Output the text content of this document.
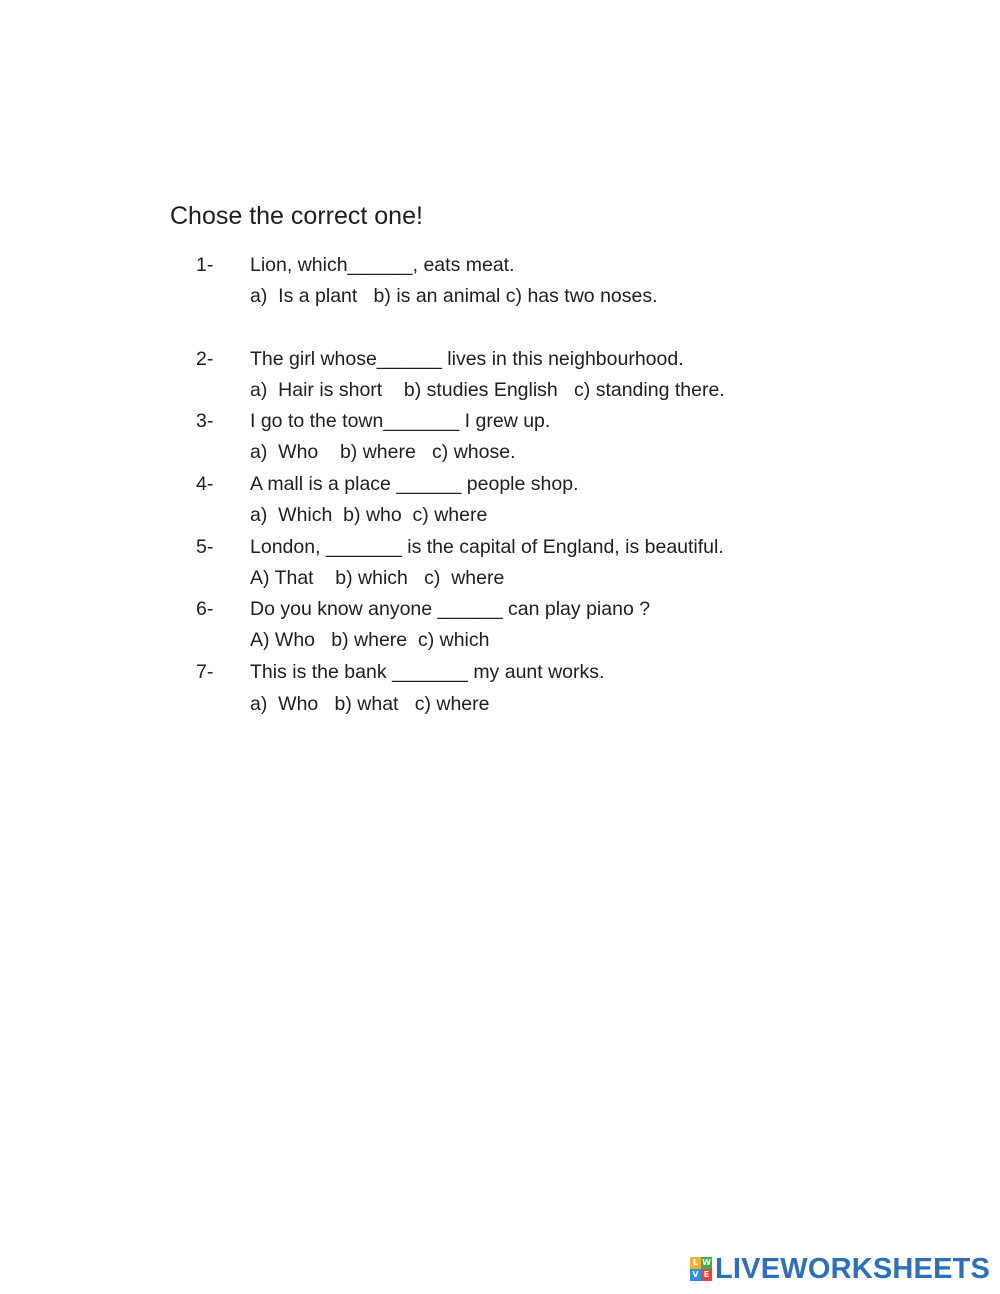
Chose the correct one!
1- Lion, which______, eats meat.
a)  Is a plant   b) is an animal c) has two noses.
2- The girl whose______ lives in this neighbourhood.
a)  Hair is short    b) studies English   c) standing there.
3- I go to the town_______ I grew up.
a)  Who    b) where   c) whose.
4- A mall is a place ______ people shop.
a)  Which  b) who  c) where
5- London, _______ is the capital of England, is beautiful.
A) That    b) which   c)  where
6- Do you know anyone ______ can play piano ?
A) Who   b) where  c) which
7- This is the bank _______ my aunt works.
a)  Who   b) what   c) where
L W
V E LIVEWORKSHEETS
